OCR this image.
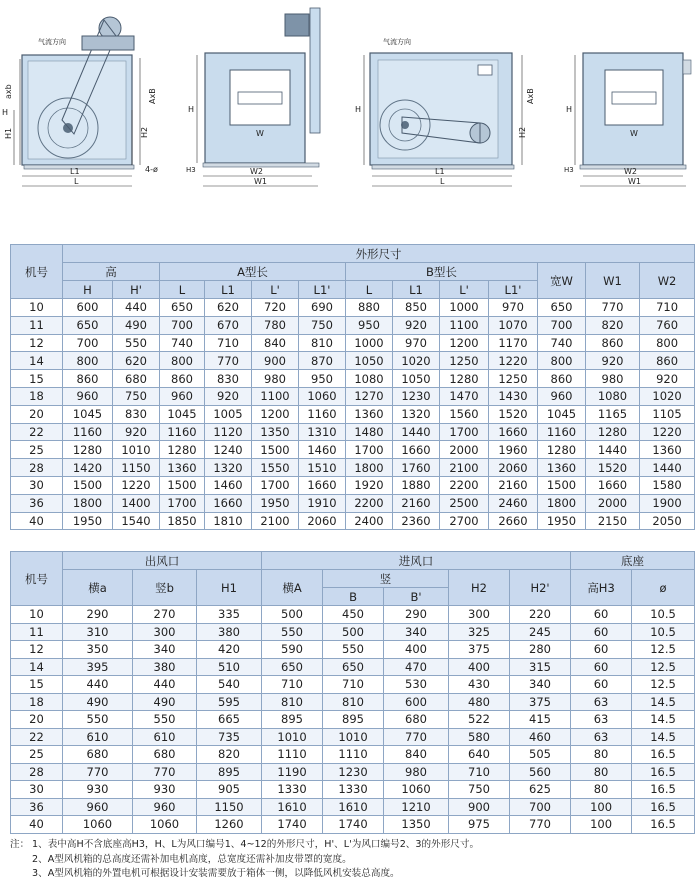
气流方向
H
axb
H1
AxB
H2
L1
L
4-ø
H
H3
W
W2
W1
气流方向
H
AxB
H2
L1
L
H
H3
W
W2
W1
机号	外形尺寸												
	高		A型长				B型长				宽W	W1	W2
	H	H'	L	L1	L'	L1'	L	L1	L'	L1'			
10	600	440	650	620	720	690	880	850	1000	970	650	770	710
11	650	490	700	670	780	750	950	920	1100	1070	700	820	760
12	700	550	740	710	840	810	1000	970	1200	1170	740	860	800
14	800	620	800	770	900	870	1050	1020	1250	1220	800	920	860
15	860	680	860	830	980	950	1080	1050	1280	1250	860	980	920
18	960	750	960	920	1100	1060	1270	1230	1470	1430	960	1080	1020
20	1045	830	1045	1005	1200	1160	1360	1320	1560	1520	1045	1165	1105
22	1160	920	1160	1120	1350	1310	1480	1440	1700	1660	1160	1280	1220
25	1280	1010	1280	1240	1500	1460	1700	1660	2000	1960	1280	1440	1360
28	1420	1150	1360	1320	1550	1510	1800	1760	2100	2060	1360	1520	1440
30	1500	1220	1500	1460	1700	1660	1920	1880	2200	2160	1500	1660	1580
36	1800	1400	1700	1660	1950	1910	2200	2160	2500	2460	1800	2000	1900
40	1950	1540	1850	1810	2100	2060	2400	2360	2700	2660	1950	2150	2050
机号	出风口			进风口					底座	
	横a	竖b	H1	横A	竖		H2	H2'	高H3	ø
					B	B'				
10	290	270	335	500	450	290	300	220	60	10.5
11	310	300	380	550	500	340	325	245	60	10.5
12	350	340	420	590	550	400	375	280	60	12.5
14	395	380	510	650	650	470	400	315	60	12.5
15	440	440	540	710	710	530	430	340	60	12.5
18	490	490	595	810	810	600	480	375	63	14.5
20	550	550	665	895	895	680	522	415	63	14.5
22	610	610	735	1010	1010	770	580	460	63	14.5
25	680	680	820	1110	1110	840	640	505	80	16.5
28	770	770	895	1190	1230	980	710	560	80	16.5
30	930	930	905	1330	1330	1060	750	625	80	16.5
36	960	960	1150	1610	1610	1210	900	700	100	16.5
40	1060	1060	1260	1740	1740	1350	975	770	100	16.5
注： 1、表中高H不含底座高H3，H、L为风口编号1、4~12的外形尺寸，H'、L'为风口编号2、3的外形尺寸。
2、A型风机箱的总高度还需补加电机高度，总宽度还需补加皮带罩的宽度。
3、A型风机箱的外置电机可根据设计安装需要放于箱体一侧，以降低风机安装总高度。
